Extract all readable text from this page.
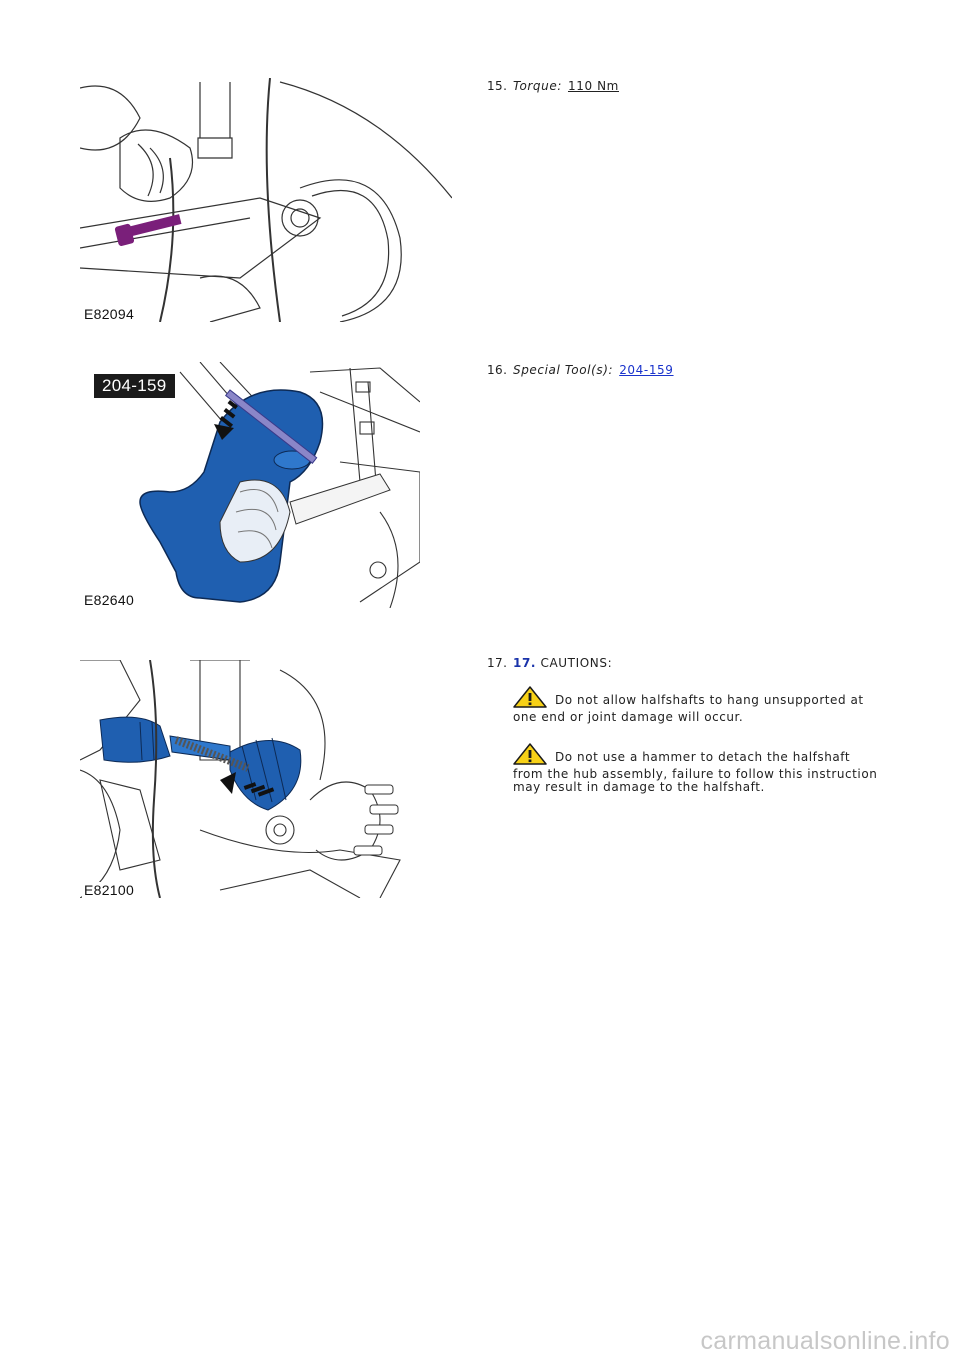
E82094
15. Torque: 110 Nm
204-159
E82640
16. Special Tool(s): 204-159
E82100
17. 17. CAUTIONS:
Do not allow halfshafts to hang unsupported at
one end or joint damage will occur.
Do not use a hammer to detach the halfshaft
from the hub assembly, failure to follow this instruction
may result in damage to the halfshaft.
carmanualsonline.info
